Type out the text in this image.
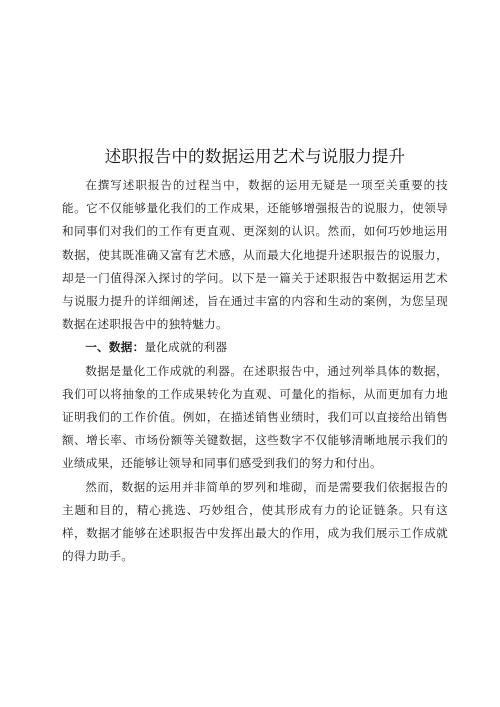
述职报告中的数据运用艺术与说服力提升

在撰写述职报告的过程当中，数据的运用无疑是一项至关重要的技能。它不仅能够量化我们的工作成果，还能够增强报告的说服力，使领导和同事们对我们的工作有更直观、更深刻的认识。然而，如何巧妙地运用数据，使其既准确又富有艺术感，从而最大化地提升述职报告的说服力，却是一门值得深入探讨的学问。以下是一篇关于述职报告中数据运用艺术与说服力提升的详细阐述，旨在通过丰富的内容和生动的案例，为您呈现数据在述职报告中的独特魅力。

一、数据：量化成就的利器

数据是量化工作成就的利器。在述职报告中，通过列举具体的数据，我们可以将抽象的工作成果转化为直观、可量化的指标，从而更加有力地证明我们的工作价值。例如，在描述销售业绩时，我们可以直接给出销售额、增长率、市场份额等关键数据，这些数字不仅能够清晰地展示我们的业绩成果，还能够让领导和同事们感受到我们的努力和付出。

然而，数据的运用并非简单的罗列和堆砌，而是需要我们依据报告的主题和目的，精心挑选、巧妙组合，使其形成有力的论证链条。只有这样，数据才能够在述职报告中发挥出最大的作用，成为我们展示工作成就的得力助手。
